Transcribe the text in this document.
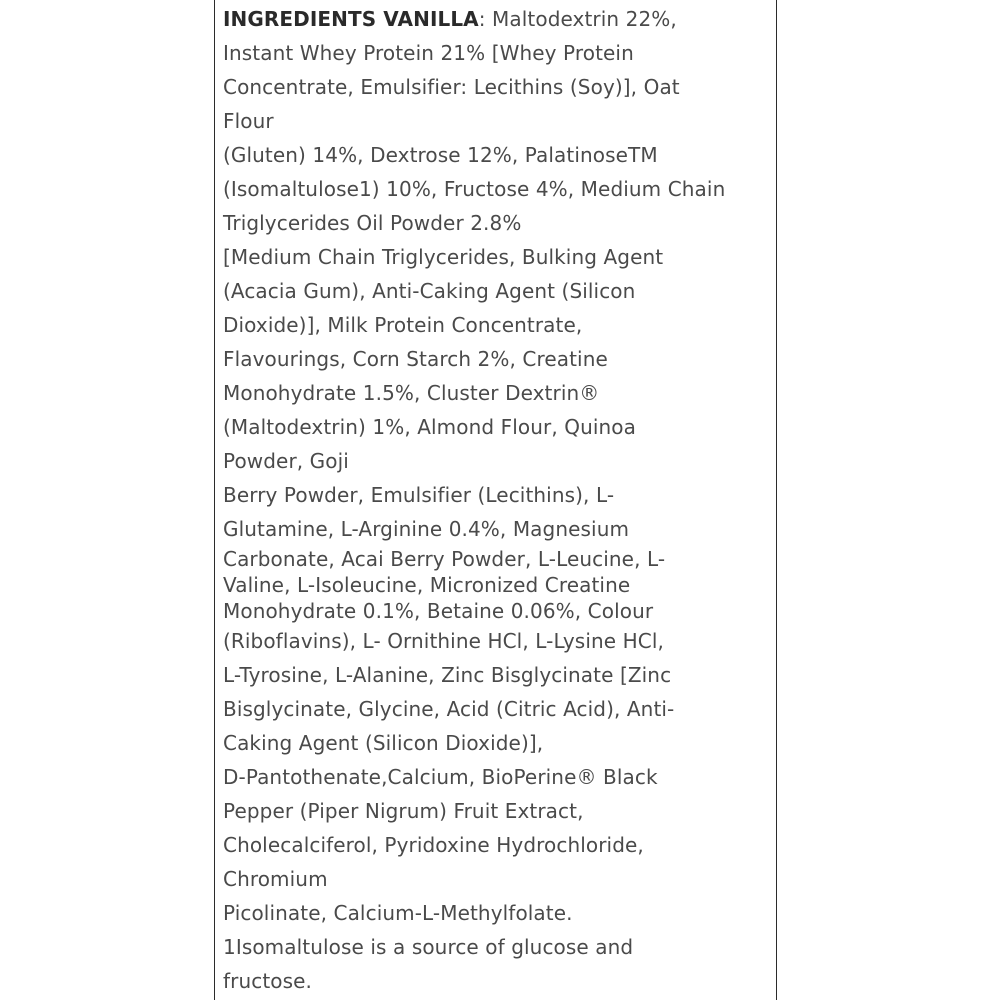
INGREDIENTS VANILLA: Maltodextrin 22%,
Instant Whey Protein 21% [Whey Protein
Concentrate, Emulsifier: Lecithins (Soy)], Oat
Flour
(Gluten) 14%, Dextrose 12%, PalatinoseTM
(Isomaltulose1) 10%, Fructose 4%, Medium Chain
Triglycerides Oil Powder 2.8%
[Medium Chain Triglycerides, Bulking Agent
(Acacia Gum), Anti-Caking Agent (Silicon
Dioxide)], Milk Protein Concentrate,
Flavourings, Corn Starch 2%, Creatine
Monohydrate 1.5%, Cluster Dextrin®
(Maltodextrin) 1%, Almond Flour, Quinoa
Powder, Goji
Berry Powder, Emulsifier (Lecithins), L-
Glutamine, L-Arginine 0.4%, Magnesium
Carbonate, Acai Berry Powder, L-Leucine, L-
Valine, L-Isoleucine, Micronized Creatine
Monohydrate 0.1%, Betaine 0.06%, Colour
(Riboflavins), L- Ornithine HCl, L-Lysine HCl,
L-Tyrosine, L-Alanine, Zinc Bisglycinate [Zinc
Bisglycinate, Glycine, Acid (Citric Acid), Anti-
Caking Agent (Silicon Dioxide)],
D-Pantothenate,Calcium, BioPerine® Black
Pepper (Piper Nigrum) Fruit Extract,
Cholecalciferol, Pyridoxine Hydrochloride,
Chromium
Picolinate, Calcium-L-Methylfolate.
1Isomaltulose is a source of glucose and
fructose.
